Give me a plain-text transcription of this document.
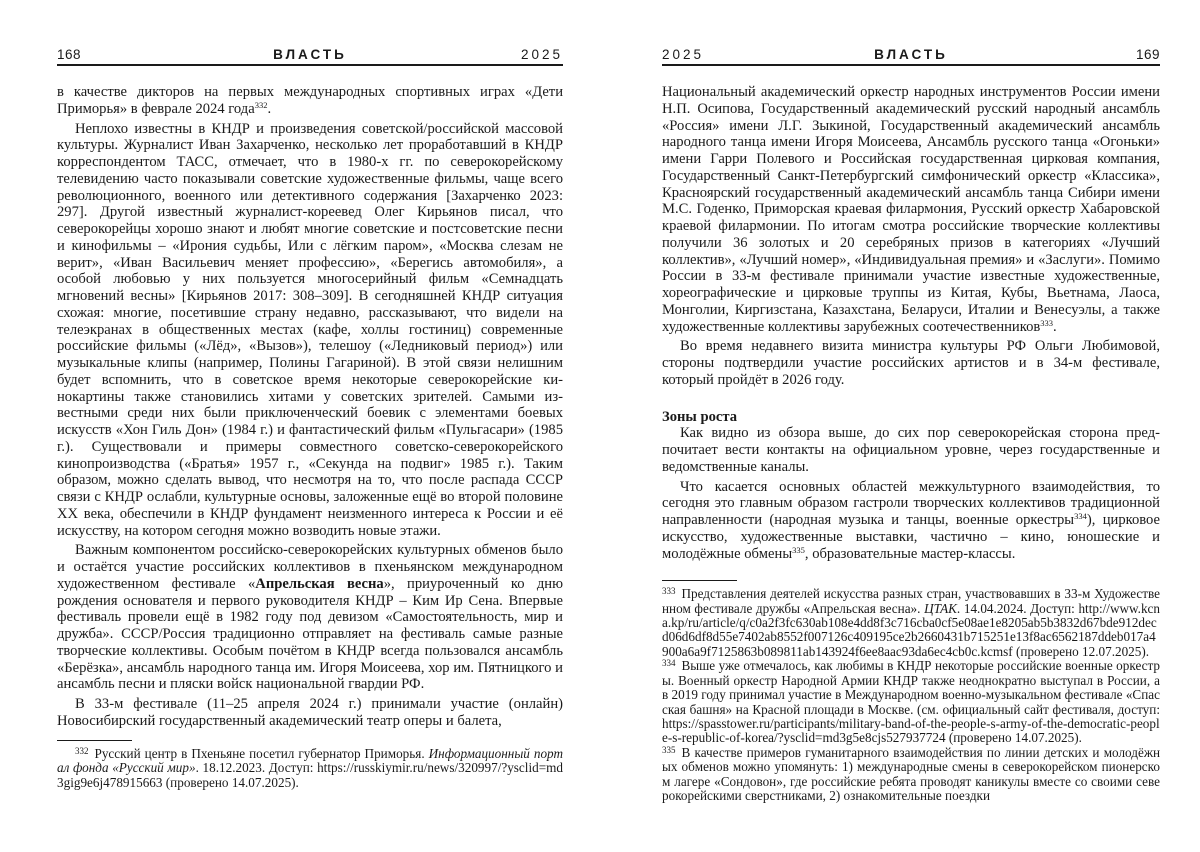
168	ВЛАСТЬ	2025

в качестве дикторов на первых международных спортивных играх «Дети Приморья» в феврале 2024 года$^{332}$.

Неплохо известны в КНДР и произведения советской/российской массовой культуры. Журналист Иван Захарченко, несколько лет проработавший в КНДР корреспондентом ТАСС, отмечает, что в 1980-х гг. по северокорейскому телевидению часто показывали советские художественные фильмы, чаще всего революционного, военного или детективного содержания [Захарченко 2023: 297]. Другой известный журналист-кореевед Олег Кирьянов писал, что северокорейцы хорошо знают и любят многие советские и постсоветские песни и кинофильмы – «Ирония судьбы, Или с лёгким паром», «Москва слезам не верит», «Иван Васильевич меняет профессию», «Берегись автомобиля», а особой любовью у них пользуется многосерийный фильм «Семнадцать мгновений весны» [Кирьянов 2017: 308–309]. В сегодняшней КНДР ситуация схожая: многие, посетившие страну недавно, рассказывают, что видели на телеэкранах в общественных местах (кафе, холлы гостиниц) современные российские фильмы («Лёд», «Вызов»), телешоу («Ледниковый период») или музыкальные клипы (например, Полины Гагариной). В этой связи нелишним будет вспомнить, что в советское время некоторые северокорейские кинокартины также становились хитами у советских зрителей. Самыми известными среди них были приключенческий боевик с элементами боевых искусств «Хон Гиль Дон» (1984 г.) и фантастический фильм «Пульгасари» (1985 г.). Существовали и примеры совместного советско-северокорейского кинопроизводства («Братья» 1957 г., «Секунда на подвиг» 1985 г.). Таким образом, можно сделать вывод, что несмотря на то, что после распада СССР связи с КНДР ослабли, культурные основы, заложенные ещё во второй половине XX века, обеспечили в КНДР фундамент неизменного интереса к России и её искусству, на котором сегодня можно возводить новые этажи.

Важным компонентом российско-северокорейских культурных обменов было и остаётся участие российских коллективов в пхеньянском международном художественном фестивале «Апрельская весна», приуроченный ко дню рождения основателя и первого руководителя КНДР – Ким Ир Сена. Впервые фестиваль провели ещё в 1982 году под девизом «Самостоятельность, мир и дружба». СССР/Россия традиционно отправляет на фестиваль самые разные творческие коллективы. Особым почётом в КНДР всегда пользовался ансамбль «Берёзка», ансамбль народного танца им. Игоря Моисеева, хор им. Пятницкого и ансамбль песни и пляски войск национальной гвардии РФ.

В 33-м фестивале (11–25 апреля 2024 г.) принимали участие (онлайн) Новосибирский государственный академический театр оперы и балета,

$^{332}$ Русский центр в Пхеньяне посетил губернатор Приморья. Информационный портал фонда «Русский мир». 18.12.2023. Доступ: https://russkiymir.ru/news/320997/?ysclid=md3gig9e6j478915663 (проверено 14.07.2025).

2025	ВЛАСТЬ	169

Национальный академический оркестр народных инструментов России имени Н.П. Осипова, Государственный академический русский народный ансамбль «Россия» имени Л.Г. Зыкиной, Государственный академический ансамбль народного танца имени Игоря Моисеева, Ансамбль русского танца «Огоньки» имени Гарри Полевого и Российская государственная цирковая компания, Государственный Санкт-Петербургский симфонический оркестр «Классика», Красноярский государственный академический ансамбль танца Сибири имени М.С. Годенко, Приморская краевая филармония, Русский оркестр Хабаровской краевой филармонии. По итогам смотра российские творческие коллективы получили 36 золотых и 20 серебряных призов в категориях «Лучший коллектив», «Лучший номер», «Индивидуальная премия» и «Заслуги». Помимо России в 33-м фестивале принимали участие известные художественные, хореографические и цирковые труппы из Китая, Кубы, Вьетнама, Лаоса, Монголии, Киргизстана, Казахстана, Беларуси, Италии и Венесуэлы, а также художественные коллективы зарубежных соотечественников$^{333}$.

Во время недавнего визита министра культуры РФ Ольги Любимовой, стороны подтвердили участие российских артистов и в 34-м фестивале, который пройдёт в 2026 году.

Зоны роста

Как видно из обзора выше, до сих пор северокорейская сторона предпочитает вести контакты на официальном уровне, через государственные и ведомственные каналы.

Что касается основных областей межкультурного взаимодействия, то сегодня это главным образом гастроли творческих коллективов традиционной направленности (народная музыка и танцы, военные оркестры$^{334}$), цирковое искусство, художественные выставки, частично – кино, юношеские и молодёжные обмены$^{335}$, образовательные мастер-классы.

$^{333}$ Представления деятелей искусства разных стран, участвовавших в 33-м Художественном фестивале дружбы «Апрельская весна». ЦТАК. 14.04.2024. Доступ: http://www.kcna.kp/ru/article/q/c0a2f3fc630ab108e4dd8f3c716cba0cf5e08ae1e8205ab5b3832d67bde912decd06d6df8d55e7402ab8552f007126c409195ce2b2660431b715251e13f8ac6562187ddeb017a4900a6a9f7125863b089811ab143924f6ee8aac93da6ec4cb0c.kcmsf (проверено 12.07.2025).

$^{334}$ Выше уже отмечалось, как любимы в КНДР некоторые российские военные оркестры. Военный оркестр Народной Армии КНДР также неоднократно выступал в России, а в 2019 году принимал участие в Международном военно-музыкальном фестивале «Спасская башня» на Красной площади в Москве. (см. официальный сайт фестиваля, доступ: https://spasstower.ru/participants/military-band-of-the-people-s-army-of-the-democratic-people-s-republic-of-korea/?ysclid=md3g5e8cjs527937724 (проверено 14.07.2025).

$^{335}$ В качестве примеров гуманитарного взаимодействия по линии детских и молодёжных обменов можно упомянуть: 1) международные смены в северокорейском пионерском лагере «Сондовон», где российские ребята проводят каникулы вместе со своими северокорейскими сверстниками, 2) ознакомительные поездки
